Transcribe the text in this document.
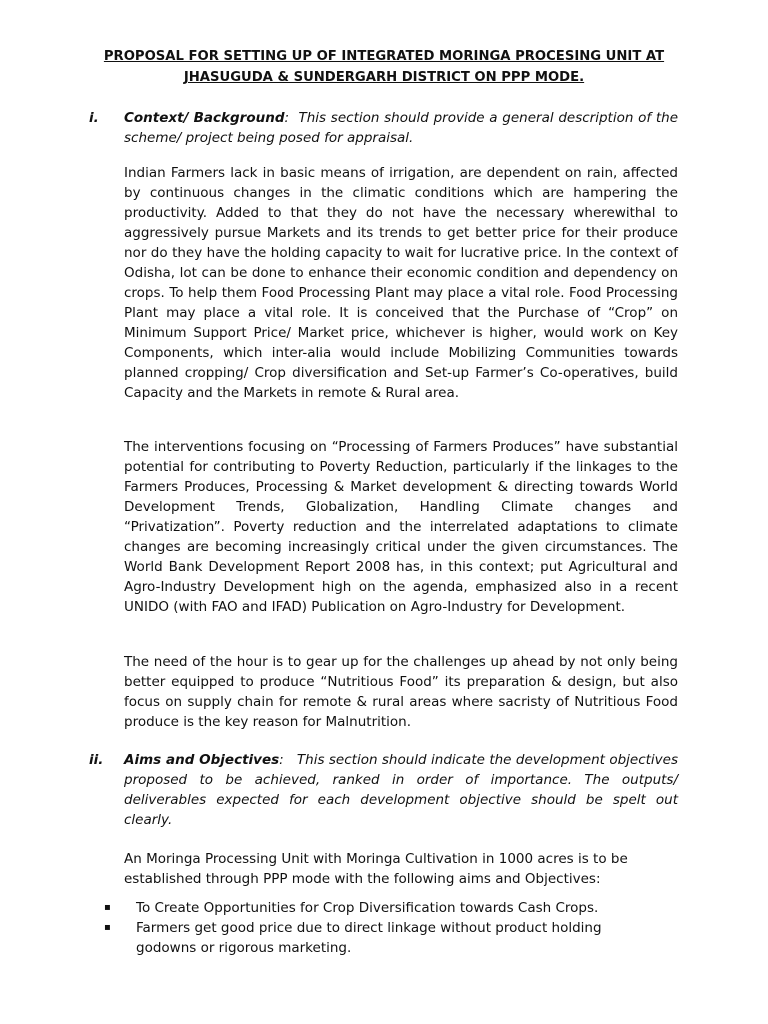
PROPOSAL FOR SETTING UP OF INTEGRATED MORINGA PROCESING UNIT AT
JHASUGUDA & SUNDERGARH DISTRICT ON PPP MODE.
i. Context/ Background:  This section should provide a general description of the scheme/ project being posed for appraisal.
Indian Farmers lack in basic means of irrigation, are dependent on rain, affected by continuous changes in the climatic conditions which are hampering the productivity. Added to that they do not have the necessary wherewithal to aggressively pursue Markets and its trends to get better price for their produce nor do they have the holding capacity to wait for lucrative price. In the context of Odisha, lot can be done to enhance their economic condition and dependency on crops. To help them Food Processing Plant may place a vital role. Food Processing Plant may place a vital role. It is conceived that the Purchase of “Crop” on Minimum Support Price/ Market price, whichever is higher, would work on Key Components, which inter-alia would include Mobilizing Communities towards planned cropping/ Crop diversification and Set-up Farmer’s Co-operatives, build Capacity and the Markets in remote & Rural area.
The interventions focusing on “Processing of Farmers Produces” have substantial potential for contributing to Poverty Reduction, particularly if the linkages to the Farmers Produces, Processing & Market development & directing towards World Development Trends, Globalization, Handling Climate changes and “Privatization”. Poverty reduction and the interrelated adaptations to climate changes are becoming increasingly critical under the given circumstances. The World Bank Development Report 2008 has, in this context; put Agricultural and Agro-Industry Development high on the agenda, emphasized also in a recent UNIDO (with FAO and IFAD) Publication on Agro-Industry for Development.
The need of the hour is to gear up for the challenges up ahead by not only being better equipped to produce “Nutritious Food” its preparation & design, but also focus on supply chain for remote & rural areas where sacristy of Nutritious Food produce is the key reason for Malnutrition.
ii. Aims and Objectives:   This section should indicate the development objectives proposed to be achieved, ranked in order of importance. The outputs/ deliverables expected for each development objective should be spelt out clearly.
An Moringa Processing Unit with Moringa Cultivation in 1000 acres is to be established through PPP mode with the following aims and Objectives:
▪ To Create Opportunities for Crop Diversification towards Cash Crops.
▪ Farmers get good price due to direct linkage without product holding godowns or rigorous marketing.
